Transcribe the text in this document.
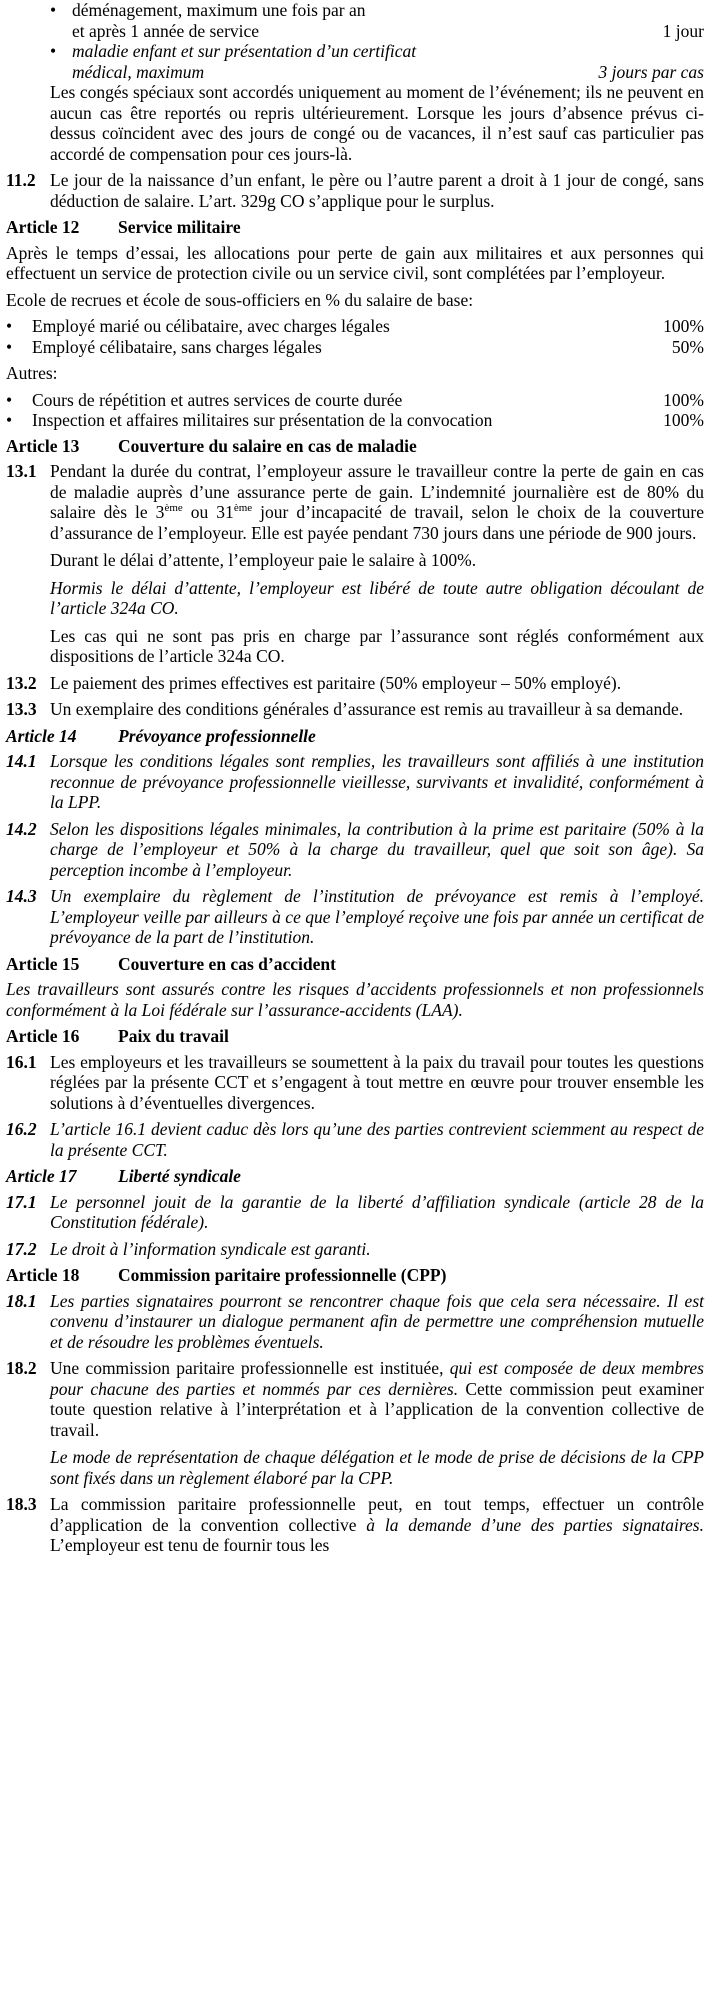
• déménagement, maximum une fois par an
et après 1 année de service	1 jour
• maladie enfant et sur présentation d’un certificat
médical, maximum	3 jours par cas

Les congés spéciaux sont accordés uniquement au moment de l’événement; ils ne peuvent en aucun cas être reportés ou repris ultérieurement. Lorsque les jours d’absence prévus ci-dessus coïncident avec des jours de congé ou de vacances, il n’est sauf cas particulier pas accordé de compensation pour ces jours-là.

11.2 Le jour de la naissance d’un enfant, le père ou l’autre parent a droit à 1 jour de congé, sans déduction de salaire. L’art. 329g CO s’applique pour le surplus.

Article 12 Service militaire

Après le temps d’essai, les allocations pour perte de gain aux militaires et aux personnes qui effectuent un service de protection civile ou un service civil, sont complétées par l’employeur.

Ecole de recrues et école de sous-officiers en % du salaire de base:

•	Employé marié ou célibataire, avec charges légales	100%
•	Employé célibataire, sans charges légales	50%

Autres:

•	Cours de répétition et autres services de courte durée	100%
•	Inspection et affaires militaires sur présentation de la convocation	100%
Article 13 Couverture du salaire en cas de maladie
13.1 Pendant la durée du contrat, l’employeur assure le travailleur contre la perte de gain en cas de maladie auprès d’une assurance perte de gain. L’indemnité journalière est de 80% du salaire dès le 3ème ou 31ème jour d’incapacité de travail, selon le choix de la couverture d’assurance de l’employeur. Elle est payée pendant 730 jours dans une période de 900 jours.

Durant le délai d’attente, l’employeur paie le salaire à 100%.

Hormis le délai d’attente, l’employeur est libéré de toute autre obligation découlant de l’article 324a CO.

Les cas qui ne sont pas pris en charge par l’assurance sont réglés conformément aux dispositions de l’article 324a CO.

13.2 Le paiement des primes effectives est paritaire (50% employeur – 50% employé).

13.3 Un exemplaire des conditions générales d’assurance est remis au travailleur à sa demande.

Article 14 Prévoyance professionnelle
14.1 Lorsque les conditions légales sont remplies, les travailleurs sont affiliés à une institution reconnue de prévoyance professionnelle vieillesse, survivants et invalidité, conformément à la LPP.

14.2 Selon les dispositions légales minimales, la contribution à la prime est paritaire (50% à la charge de l’employeur et 50% à la charge du travailleur, quel que soit son âge). Sa perception incombe à l’employeur.

14.3 Un exemplaire du règlement de l’institution de prévoyance est remis à l’employé. L’employeur veille par ailleurs à ce que l’employé reçoive une fois par année un certificat de prévoyance de la part de l’institution.

Article 15 Couverture en cas d’accident

Les travailleurs sont assurés contre les risques d’accidents professionnels et non professionnels conformément à la Loi fédérale sur l’assurance-accidents (LAA).

Article 16 Paix du travail
16.1 Les employeurs et les travailleurs se soumettent à la paix du travail pour toutes les questions réglées par la présente CCT et s’engagent à tout mettre en œuvre pour trouver ensemble les solutions à d’éventuelles divergences.

16.2 L’article 16.1 devient caduc dès lors qu’une des parties contrevient sciemment au respect de la présente CCT.

Article 17 Liberté syndicale
17.1 Le personnel jouit de la garantie de la liberté d’affiliation syndicale (article 28 de la Constitution fédérale).

17.2 Le droit à l’information syndicale est garanti.

Article 18 Commission paritaire professionnelle (CPP)
18.1 Les parties signataires pourront se rencontrer chaque fois que cela sera nécessaire. Il est convenu d’instaurer un dialogue permanent afin de permettre une compréhension mutuelle et de résoudre les problèmes éventuels.

18.2 Une commission paritaire professionnelle est instituée, qui est composée de deux membres pour chacune des parties et nommés par ces dernières. Cette commission peut examiner toute question relative à l’interprétation et à l’application de la convention collective de travail.

Le mode de représentation de chaque délégation et le mode de prise de décisions de la CPP sont fixés dans un règlement élaboré par la CPP.

18.3 La commission paritaire professionnelle peut, en tout temps, effectuer un contrôle d’application de la convention collective à la demande d’une des parties signataires. L’employeur est tenu de fournir tous les
